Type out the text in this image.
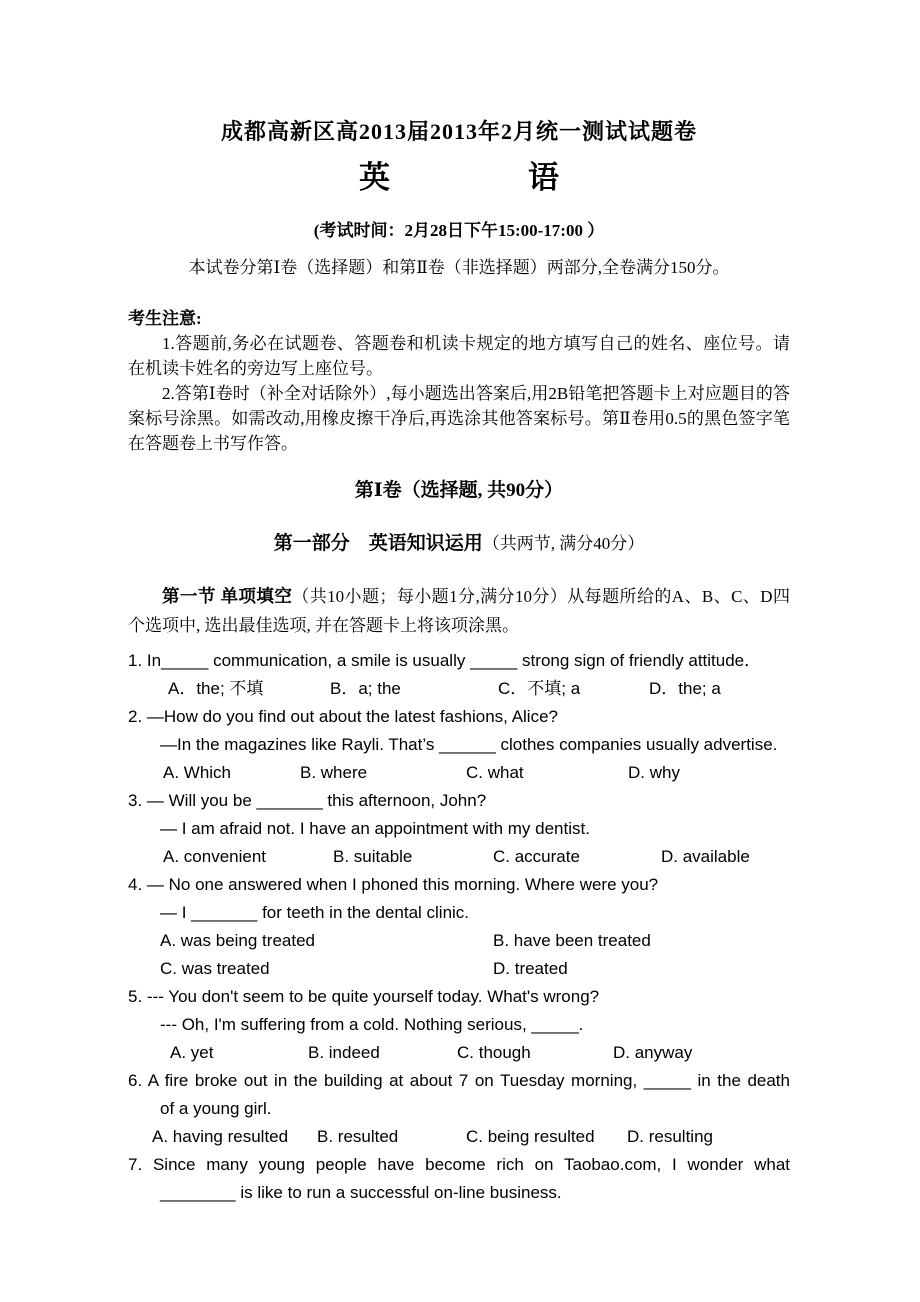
成都高新区高2013届2013年2月统一测试试题卷
英	语
(考试时间：2月28日下午15:00-17:00 ）
本试卷分第Ⅰ卷（选择题）和第Ⅱ卷（非选择题）两部分,全卷满分150分。

考生注意:

1.答题前,务必在试题卷、答题卷和机读卡规定的地方填写自己的姓名、座位号。请在机读卡姓名的旁边写上座位号。

2.答第Ⅰ卷时（补全对话除外）,每小题选出答案后,用2B铅笔把答题卡上对应题目的答案标号涂黑。如需改动,用橡皮擦干净后,再选涂其他答案标号。第Ⅱ卷用0.5的黑色签字笔在答题卷上书写作答。

第Ⅰ卷（选择题, 共90分）
第一部分　英语知识运用（共两节, 满分40分）
第一节 单项填空（共10小题；每小题1分,满分10分）从每题所给的A、B、C、D四个选项中, 选出最佳选项, 并在答题卡上将该项涂黑。
1. In_____ communication, a smile is usually _____ strong sign of friendly attitude．
A．the; 不填	B．a; the	C．不填; a	D．the; a
2. —How do you find out about the latest fashions, Alice?
—In the magazines like Rayli. That’s ______ clothes companies usually advertise.
A. Which	B. where	C. what	D. why
3. — Will you be _______ this afternoon, John?
— I am afraid not. I have an appointment with my dentist.
A. convenient	B. suitable	C. accurate	D. available
4. — No one answered when I phoned this morning. Where were you?
— I _______ for teeth in the dental clinic.
A. was being treated	B. have been treated
C. was treated	D. treated
5. --- You don't seem to be quite yourself today. What's wrong?
--- Oh, I'm suffering from a cold. Nothing serious, _____.
A. yet	B. indeed	C. though	D. anyway
6. A fire broke out in the building at about 7 on Tuesday morning, _____ in the death
of a young girl.
A. having resulted	B. resulted	C. being resulted	D. resulting
7. Since many young people have become rich on Taobao.com, I wonder what
________ is like to run a successful on-line business.
